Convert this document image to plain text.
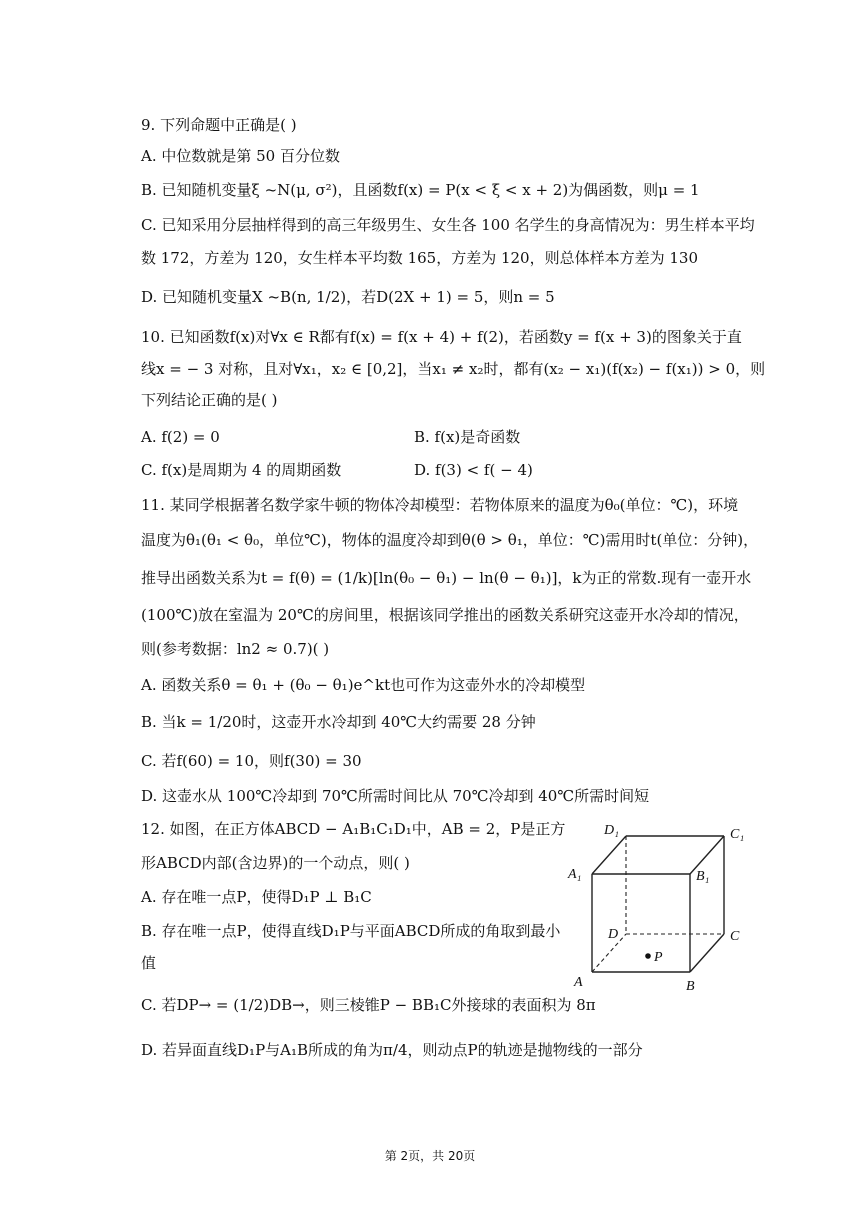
9. 下列命题中正确是( )
A. 中位数就是第 50 百分位数
B. 已知随机变量ξ ~N(μ, σ²)，且函数f(x) = P(x < ξ < x + 2)为偶函数，则μ = 1
C. 已知采用分层抽样得到的高三年级男生、女生各 100 名学生的身高情况为：男生样本平均
数 172，方差为 120，女生样本平均数 165，方差为 120，则总体样本方差为 130
D. 已知随机变量X ~B(n, 1/2)，若D(2X + 1) = 5，则n = 5
10. 已知函数f(x)对∀x ∈ R都有f(x) = f(x + 4) + f(2)，若函数y = f(x + 3)的图象关于直
线x = − 3 对称，且对∀x₁，x₂ ∈ [0,2]，当x₁ ≠ x₂时，都有(x₂ − x₁)(f(x₂) − f(x₁)) > 0，则
下列结论正确的是( )
A. f(2) = 0	B. f(x)是奇函数
C. f(x)是周期为 4 的周期函数	D. f(3) < f( − 4)
11. 某同学根据著名数学家牛顿的物体冷却模型：若物体原来的温度为θ₀(单位：℃)，环境
温度为θ₁(θ₁ < θ₀，单位℃)，物体的温度冷却到θ(θ > θ₁，单位：℃)需用时t(单位：分钟)，
推导出函数关系为t = f(θ) = (1/k)[ln(θ₀ − θ₁) − ln(θ − θ₁)]，k为正的常数.现有一壶开水
(100℃)放在室温为 20℃的房间里，根据该同学推出的函数关系研究这壶开水冷却的情况，
则(参考数据：ln2 ≈ 0.7)( )
A. 函数关系θ = θ₁ + (θ₀ − θ₁)e^kt也可作为这壶外水的冷却模型
B. 当k = 1/20时，这壶开水冷却到 40℃大约需要 28 分钟
C. 若f(60) = 10，则f(30) = 30
D. 这壶水从 100℃冷却到 70℃所需时间比从 70℃冷却到 40℃所需时间短
12. 如图，在正方体ABCD − A₁B₁C₁D₁中，AB = 2，P是正方
形ABCD内部(含边界)的一个动点，则( )
A. 存在唯一点P，使得D₁P ⊥ B₁C
B. 存在唯一点P，使得直线D₁P与平面ABCD所成的角取到最小
值
C. 若DP→ = (1/2)DB→，则三棱锥P − BB₁C外接球的表面积为 8π
D. 若异面直线D₁P与A₁B所成的角为π/4，则动点P的轨迹是抛物线的一部分
D₁	C₁
A₁	B₁
D	C
P
A	B
第 2页，共 20页
